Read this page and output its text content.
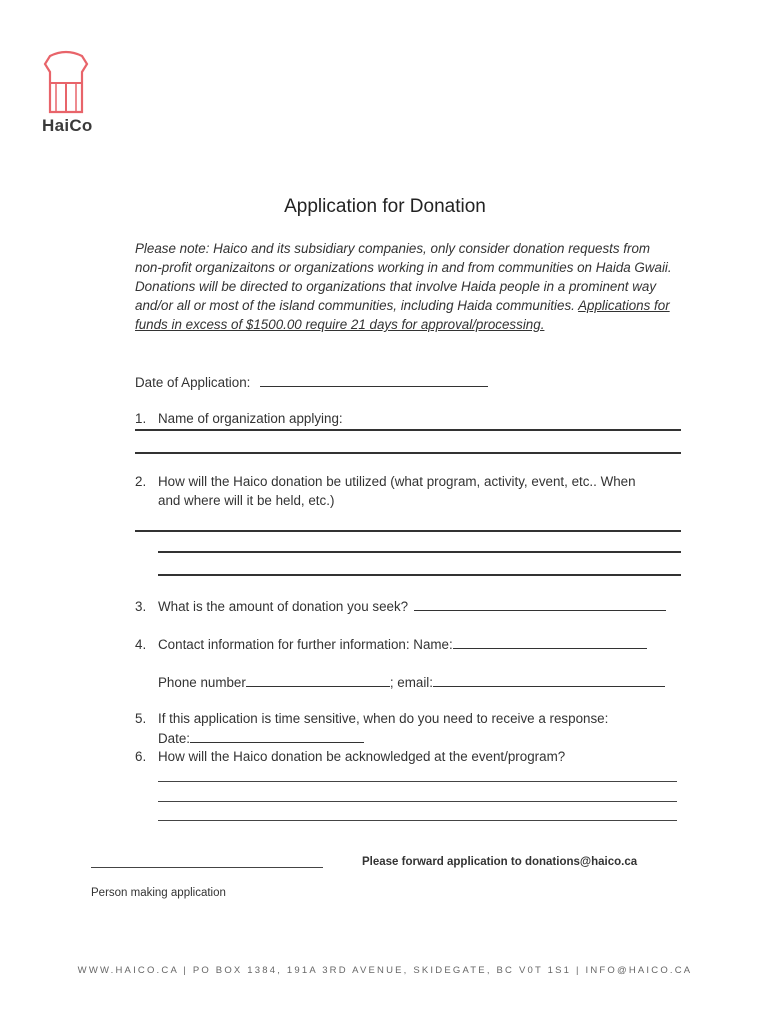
HaiCo
Application for Donation
Please note: Haico and its subsidiary companies, only consider donation requests from non-profit organizaitons or organizations working in and from communities on Haida Gwaii. Donations will be directed to organizations that involve Haida people in a prominent way and/or all or most of the island communities, including Haida communities. Applications for funds in excess of $1500.00 require 21 days for approval/processing.
Date of Application:
1. Name of organization applying:
2. How will the Haico donation be utilized (what program, activity, event, etc.. When
and where will it be held, etc.)
3. What is the amount of donation you seek?
4. Contact information for further information: Name:
Phone number	; email:
5. If this application is time sensitive, when do you need to receive a response:
Date:
6. How will the Haico donation be acknowledged at the event/program?
Please forward application to donations@haico.ca
Person making application
WWW.HAICO.CA | PO BOX 1384, 191A 3RD AVENUE, SKIDEGATE, BC V0T 1S1 | INFO@HAICO.CA
